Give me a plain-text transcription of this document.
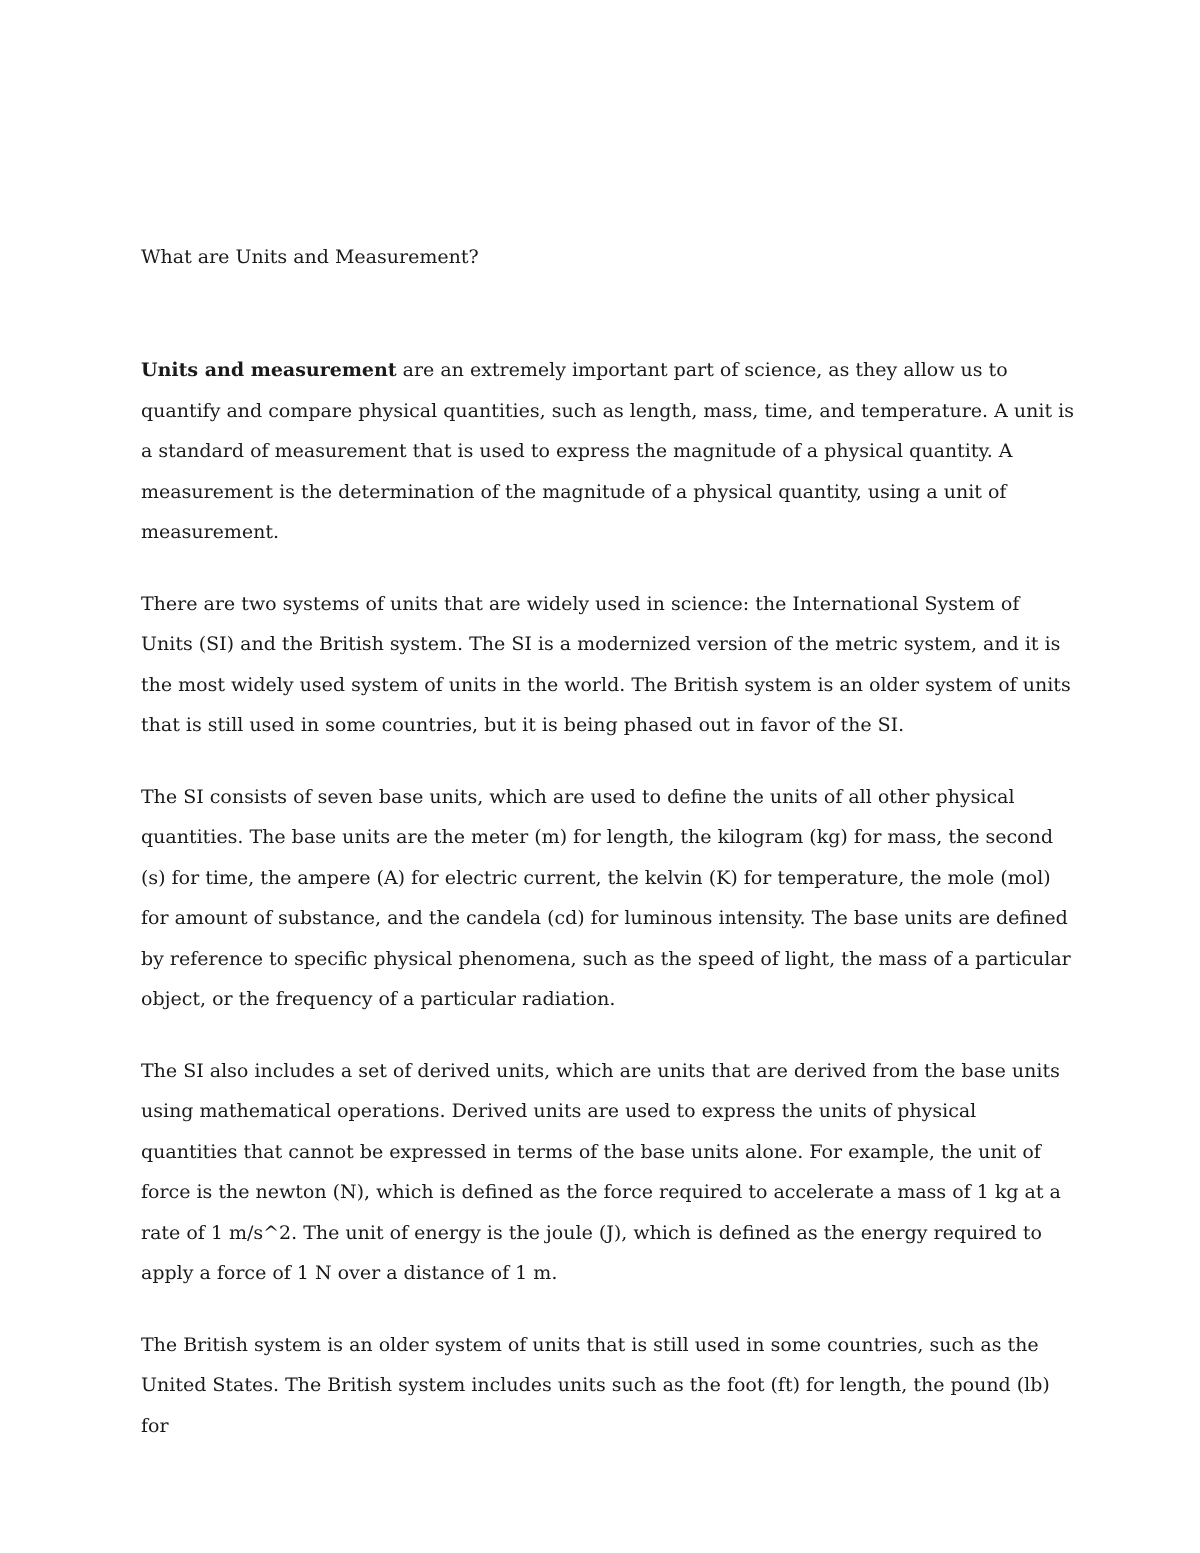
What are Units and Measurement?

Units and measurement are an extremely important part of science, as they allow us to quantify and compare physical quantities, such as length, mass, time, and temperature. A unit is a standard of measurement that is used to express the magnitude of a physical quantity. A measurement is the determination of the magnitude of a physical quantity, using a unit of measurement.

There are two systems of units that are widely used in science: the International System of Units (SI) and the British system. The SI is a modernized version of the metric system, and it is the most widely used system of units in the world. The British system is an older system of units that is still used in some countries, but it is being phased out in favor of the SI.

The SI consists of seven base units, which are used to define the units of all other physical quantities. The base units are the meter (m) for length, the kilogram (kg) for mass, the second (s) for time, the ampere (A) for electric current, the kelvin (K) for temperature, the mole (mol) for amount of substance, and the candela (cd) for luminous intensity. The base units are defined by reference to specific physical phenomena, such as the speed of light, the mass of a particular object, or the frequency of a particular radiation.

The SI also includes a set of derived units, which are units that are derived from the base units using mathematical operations. Derived units are used to express the units of physical quantities that cannot be expressed in terms of the base units alone. For example, the unit of force is the newton (N), which is defined as the force required to accelerate a mass of 1 kg at a rate of 1 m/s^2. The unit of energy is the joule (J), which is defined as the energy required to apply a force of 1 N over a distance of 1 m.

The British system is an older system of units that is still used in some countries, such as the United States. The British system includes units such as the foot (ft) for length, the pound (lb) for
